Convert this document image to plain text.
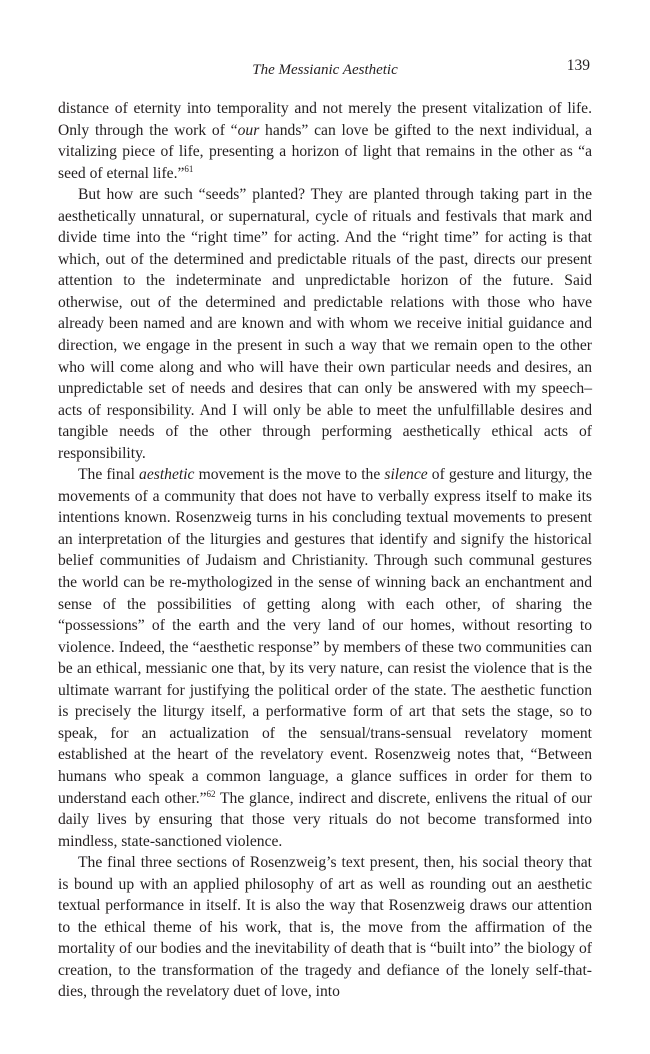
The Messianic Aesthetic	139

distance of eternity into temporality and not merely the present vitalization of life. Only through the work of “our hands” can love be gifted to the next individual, a vitalizing piece of life, presenting a horizon of light that remains in the other as “a seed of eternal life.”$^{61}$

But how are such “seeds” planted? They are planted through taking part in the aesthetically unnatural, or supernatural, cycle of rituals and festivals that mark and divide time into the “right time” for acting. And the “right time” for acting is that which, out of the determined and predictable rituals of the past, directs our present attention to the indeterminate and unpredictable horizon of the future. Said otherwise, out of the determined and predictable relations with those who have already been named and are known and with whom we receive initial guidance and direction, we engage in the present in such a way that we remain open to the other who will come along and who will have their own particular needs and desires, an unpredictable set of needs and desires that can only be answered with my speech–acts of responsibility. And I will only be able to meet the unfulfillable desires and tangible needs of the other through performing aesthetically ethical acts of responsibility.

The final aesthetic movement is the move to the silence of gesture and liturgy, the movements of a community that does not have to verbally express itself to make its intentions known. Rosenzweig turns in his concluding textual movements to present an interpretation of the liturgies and gestures that identify and signify the historical belief communities of Judaism and Christianity. Through such communal gestures the world can be re-mythologized in the sense of winning back an enchantment and sense of the possibilities of getting along with each other, of sharing the “possessions” of the earth and the very land of our homes, without resorting to violence. Indeed, the “aesthetic response” by members of these two communities can be an ethical, messianic one that, by its very nature, can resist the violence that is the ultimate warrant for justifying the political order of the state. The aesthetic function is precisely the liturgy itself, a performative form of art that sets the stage, so to speak, for an actualization of the sensual/trans-sensual revelatory moment established at the heart of the revelatory event. Rosenzweig notes that, “Between humans who speak a common language, a glance suffices in order for them to understand each other.”$^{62}$ The glance, indirect and discrete, enlivens the ritual of our daily lives by ensuring that those very rituals do not become transformed into mindless, state-sanctioned violence.

The final three sections of Rosenzweig’s text present, then, his social theory that is bound up with an applied philosophy of art as well as rounding out an aesthetic textual performance in itself. It is also the way that Rosenzweig draws our attention to the ethical theme of his work, that is, the move from the affirmation of the mortality of our bodies and the inevitability of death that is “built into” the biology of creation, to the transformation of the tragedy and defiance of the lonely self-that-dies, through the revelatory duet of love, into
